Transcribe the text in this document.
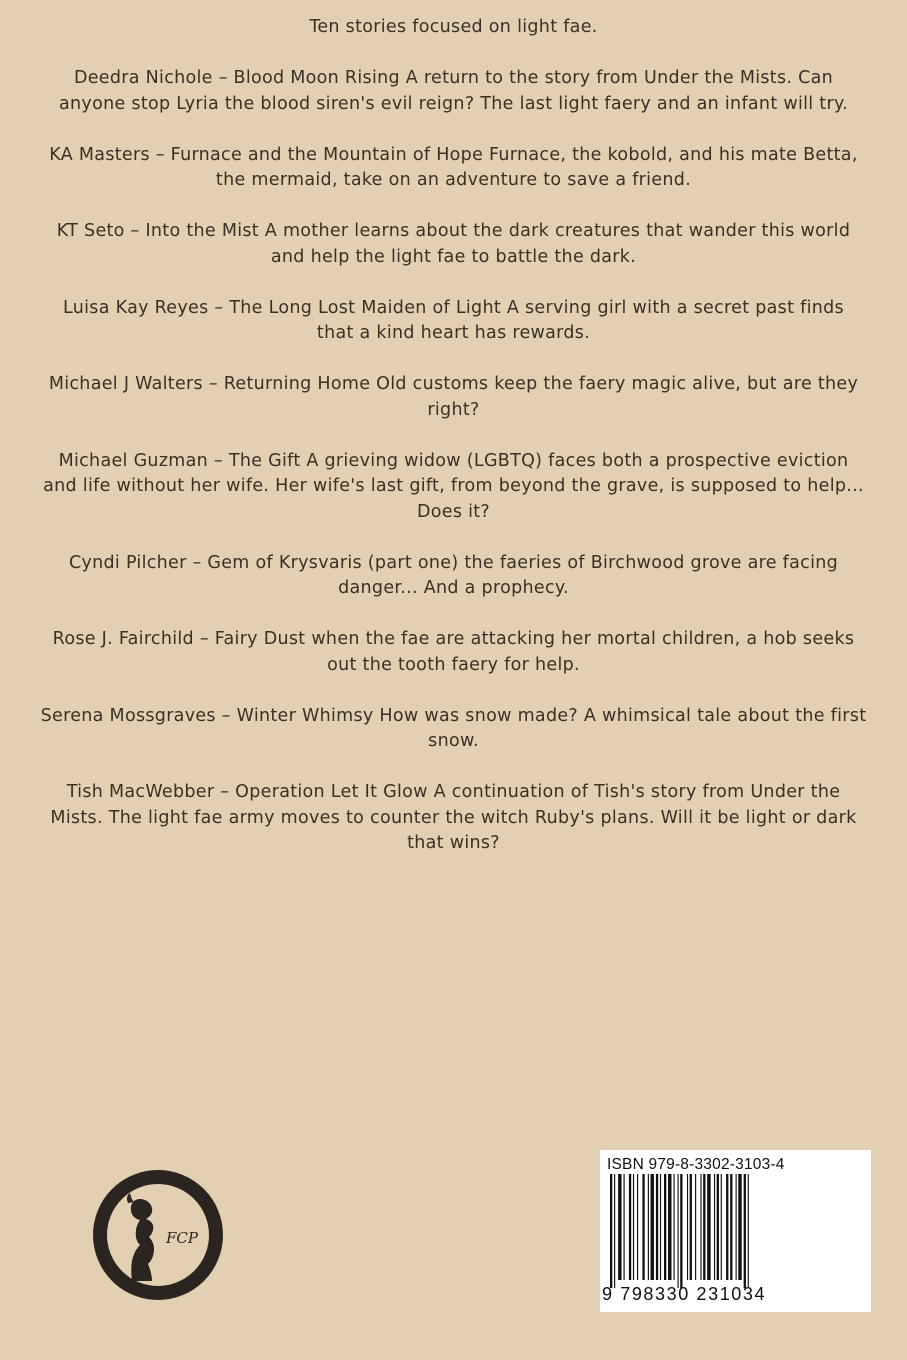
Ten stories focused on light fae.
Deedra Nichole – Blood Moon Rising A return to the story from Under the Mists. Can
anyone stop Lyria the blood siren's evil reign? The last light faery and an infant will try.
KA Masters – Furnace and the Mountain of Hope Furnace, the kobold, and his mate Betta,
the mermaid, take on an adventure to save a friend.
KT Seto – Into the Mist A mother learns about the dark creatures that wander this world
and help the light fae to battle the dark.
Luisa Kay Reyes – The Long Lost Maiden of Light A serving girl with a secret past finds
that a kind heart has rewards.
Michael J Walters – Returning Home Old customs keep the faery magic alive, but are they
right?
Michael Guzman – The Gift A grieving widow (LGBTQ) faces both a prospective eviction
and life without her wife. Her wife's last gift, from beyond the grave, is supposed to help...
Does it?
Cyndi Pilcher – Gem of Krysvaris (part one) the faeries of Birchwood grove are facing
danger... And a prophecy.
Rose J. Fairchild – Fairy Dust when the fae are attacking her mortal children, a hob seeks
out the tooth faery for help.
Serena Mossgraves – Winter Whimsy How was snow made? A whimsical tale about the first
snow.
Tish MacWebber – Operation Let It Glow A continuation of Tish's story from Under the
Mists. The light fae army moves to counter the witch Ruby's plans. Will it be light or dark
that wins?
FCP
ISBN 979-8-3302-3103-4
9 798330 231034
